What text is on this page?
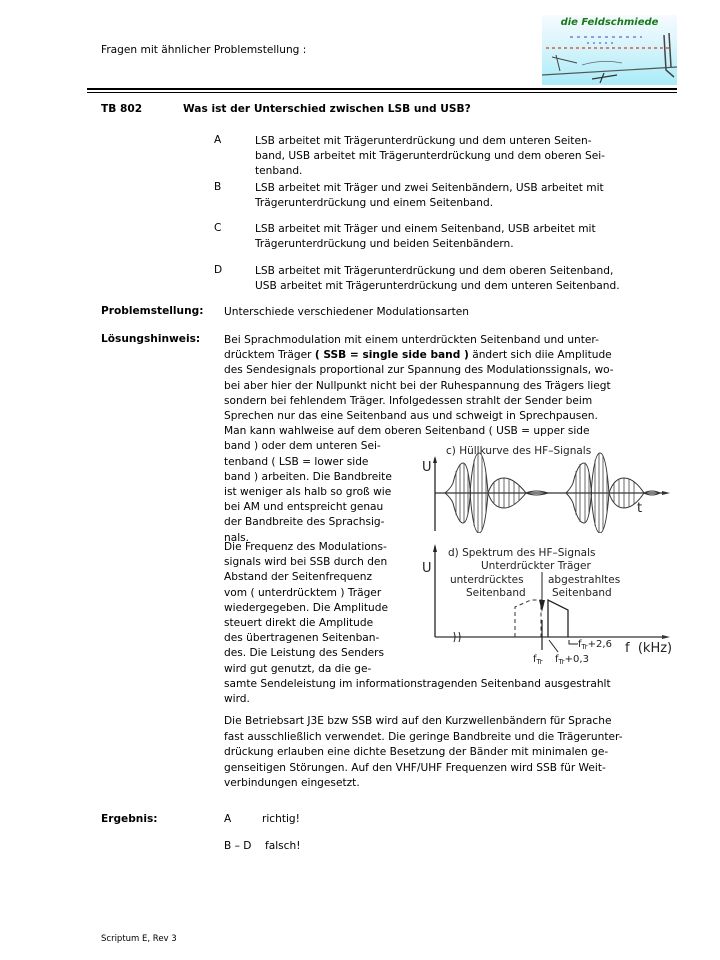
Fragen mit ähnlicher Problemstellung :
die Feldschmiede
TB 802	Was ist der Unterschied zwischen LSB und USB?
A	LSB arbeitet mit Trägerunterdrückung und dem unteren Seiten-
band, USB arbeitet mit Trägerunterdrückung und dem oberen Sei-
tenband.
B	LSB arbeitet mit Träger und zwei Seitenbändern, USB arbeitet mit
Trägerunterdrückung und einem Seitenband.
C	LSB arbeitet mit Träger und einem Seitenband, USB arbeitet mit
Trägerunterdrückung und beiden Seitenbändern.
D	LSB arbeitet mit Trägerunterdrückung und dem oberen Seitenband,
USB arbeitet mit Trägerunterdrückung und dem unteren Seitenband.
Problemstellung: Unterschiede verschiedener Modulationsarten
Lösungshinweis: Bei Sprachmodulation mit einem unterdrückten Seitenband und unter-
drücktem Träger ( SSB = single side band ) ändert sich diie Amplitude
des Sendesignals proportional zur Spannung des Modulationssignals, wo-
bei aber hier der Nullpunkt nicht bei der Ruhespannung des Trägers liegt
sondern bei fehlendem Träger. Infolgedessen strahlt der Sender beim
Sprechen nur das eine Seitenband aus und schweigt in Sprechpausen.
Man kann wahlweise auf dem oberen Seitenband ( USB = upper side
band ) oder dem unteren Sei-
tenband ( LSB = lower side
band ) arbeiten. Die Bandbreite
ist weniger als halb so groß wie
bei AM und entspreicht genau
der Bandbreite des Sprachsig-
nals.
Die Frequenz des Modulations-
signals wird bei SSB durch den
Abstand der Seitenfrequenz
vom ( unterdrücktem ) Träger
wiedergegeben. Die Amplitude
steuert direkt die Amplitude
des übertragenen Seitenban-
des. Die Leistung des Senders
wird gut genutzt, da die ge-
samte Sendeleistung im informationstragenden Seitenband ausgestrahlt
wird.
Die Betriebsart J3E bzw SSB wird auf den Kurzwellenbändern für Sprache
fast ausschließlich verwendet. Die geringe Bandbreite und die Trägerunter-
drückung erlauben eine dichte Besetzung der Bänder mit minimalen ge-
genseitigen Störungen. Auf den VHF/UHF Frequenzen wird SSB für Weit-
verbindungen eingesetzt.
c) Hüllkurve des HF–Signals
U
t
U
d) Spektrum des HF–Signals
Unterdrückter Träger
unterdrücktes
Seitenband
abgestrahltes
Seitenband
$f_{Tr}+2,6$
$f_{Tr}$ $f_{Tr}+0,3$
f  (kHz)
Ergebnis:	A	richtig!
B – D falsch!
Scriptum E, Rev 3
